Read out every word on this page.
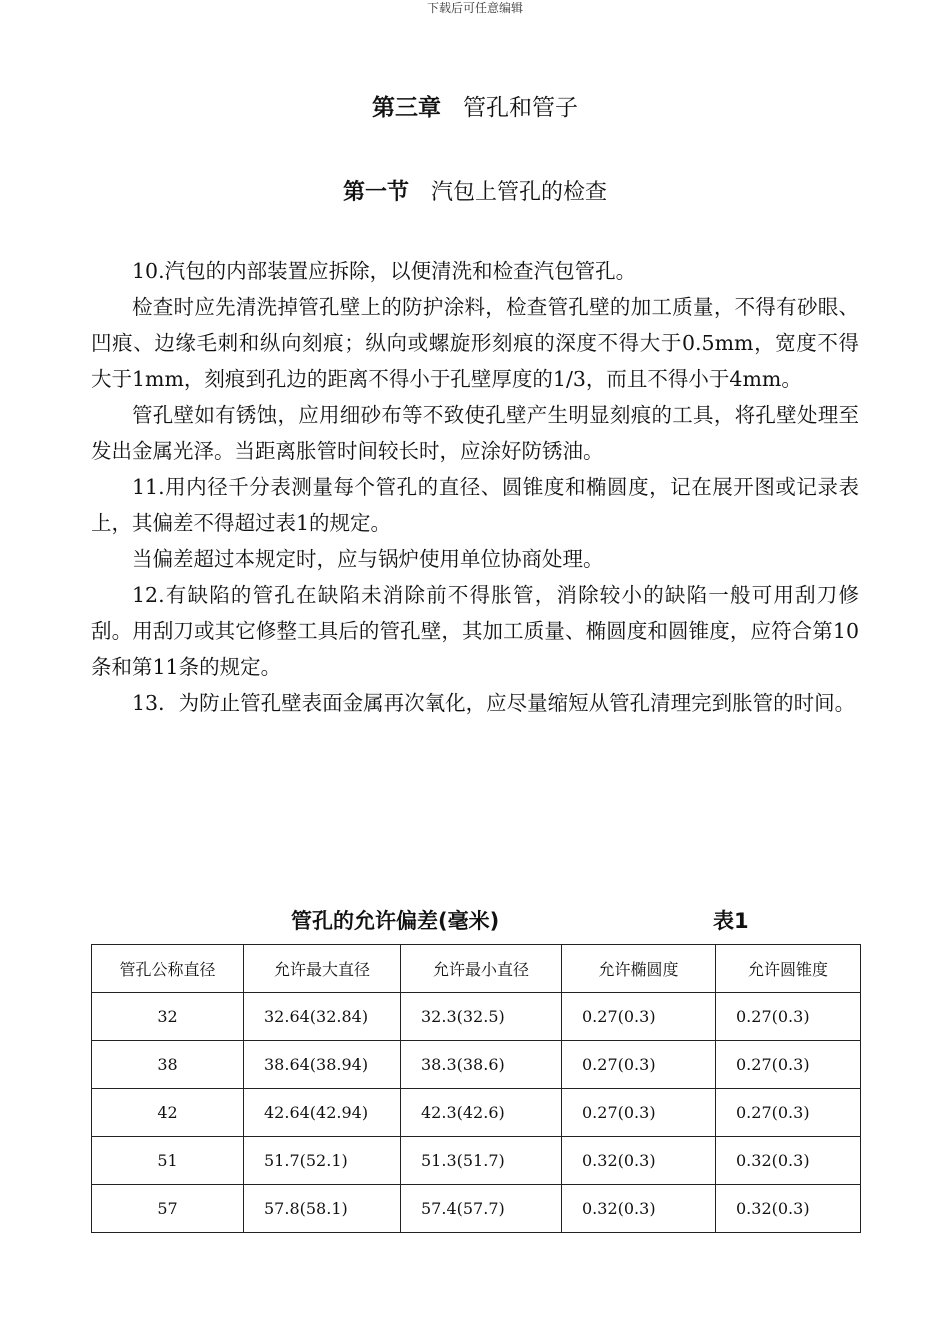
下载后可任意编辑
第三章 管孔和管子
第一节 汽包上管孔的检查

10.汽包的内部装置应拆除，以便清洗和检查汽包管孔。

检查时应先清洗掉管孔壁上的防护涂料，检查管孔壁的加工质量，不得有砂眼、凹痕、边缘毛刺和纵向刻痕；纵向或螺旋形刻痕的深度不得大于0.5mm，宽度不得大于1mm，刻痕到孔边的距离不得小于孔壁厚度的1/3，而且不得小于4mm。

管孔壁如有锈蚀，应用细砂布等不致使孔壁产生明显刻痕的工具，将孔壁处理至发出金属光泽。当距离胀管时间较长时，应涂好防锈油。

11.用内径千分表测量每个管孔的直径、圆锥度和椭圆度，记在展开图或记录表上，其偏差不得超过表1的规定。

当偏差超过本规定时，应与锅炉使用单位协商处理。

12.有缺陷的管孔在缺陷未消除前不得胀管，消除较小的缺陷一般可用刮刀修刮。用刮刀或其它修整工具后的管孔壁，其加工质量、椭圆度和圆锥度，应符合第10条和第11条的规定。

13．为防止管孔壁表面金属再次氧化，应尽量缩短从管孔清理完到胀管的时间。

管孔的允许偏差(毫米)	表1
管孔公称直径	允许最大直径	允许最小直径	允许椭圆度	允许圆锥度
32	32.64(32.84)	32.3(32.5)	0.27(0.3)	0.27(0.3)
38	38.64(38.94)	38.3(38.6)	0.27(0.3)	0.27(0.3)
42	42.64(42.94)	42.3(42.6)	0.27(0.3)	0.27(0.3)
51	51.7(52.1)	51.3(51.7)	0.32(0.3)	0.32(0.3)
57	57.8(58.1)	57.4(57.7)	0.32(0.3)	0.32(0.3)
